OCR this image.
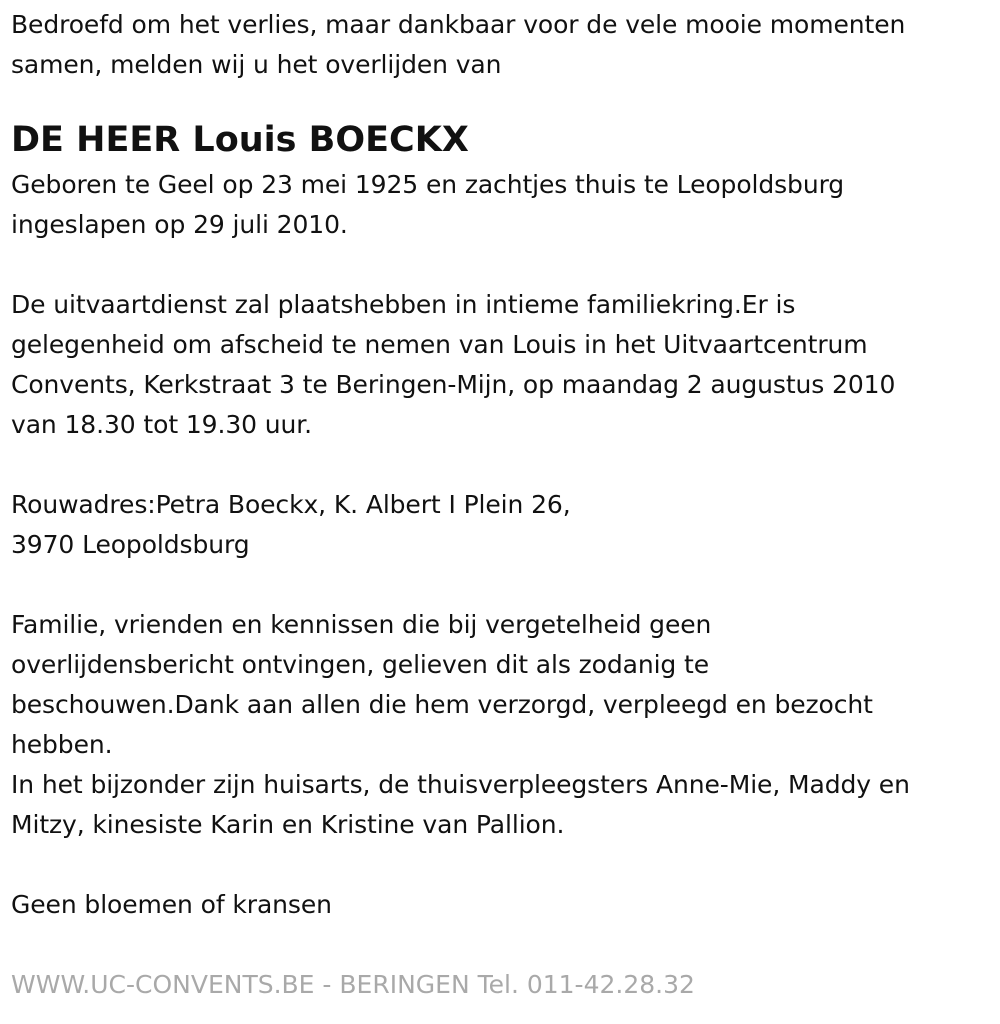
Bedroefd om het verlies, maar dankbaar voor de vele mooie momenten
samen, melden wij u het overlijden van
DE HEER Louis BOECKX
Geboren te Geel op 23 mei 1925 en zachtjes thuis te Leopoldsburg
ingeslapen op 29 juli 2010.
De uitvaartdienst zal plaatshebben in intieme familiekring.Er is
gelegenheid om afscheid te nemen van Louis in het Uitvaartcentrum
Convents, Kerkstraat 3 te Beringen-Mijn, op maandag 2 augustus 2010
van 18.30 tot 19.30 uur.
Rouwadres:Petra Boeckx, K. Albert I Plein 26,
3970 Leopoldsburg
Familie, vrienden en kennissen die bij vergetelheid geen
overlijdensbericht ontvingen, gelieven dit als zodanig te
beschouwen.Dank aan allen die hem verzorgd, verpleegd en bezocht
hebben.
In het bijzonder zijn huisarts, de thuisverpleegsters Anne-Mie, Maddy en
Mitzy, kinesiste Karin en Kristine van Pallion.
Geen bloemen of kransen
WWW.UC-CONVENTS.BE - BERINGEN Tel. 011-42.28.32
